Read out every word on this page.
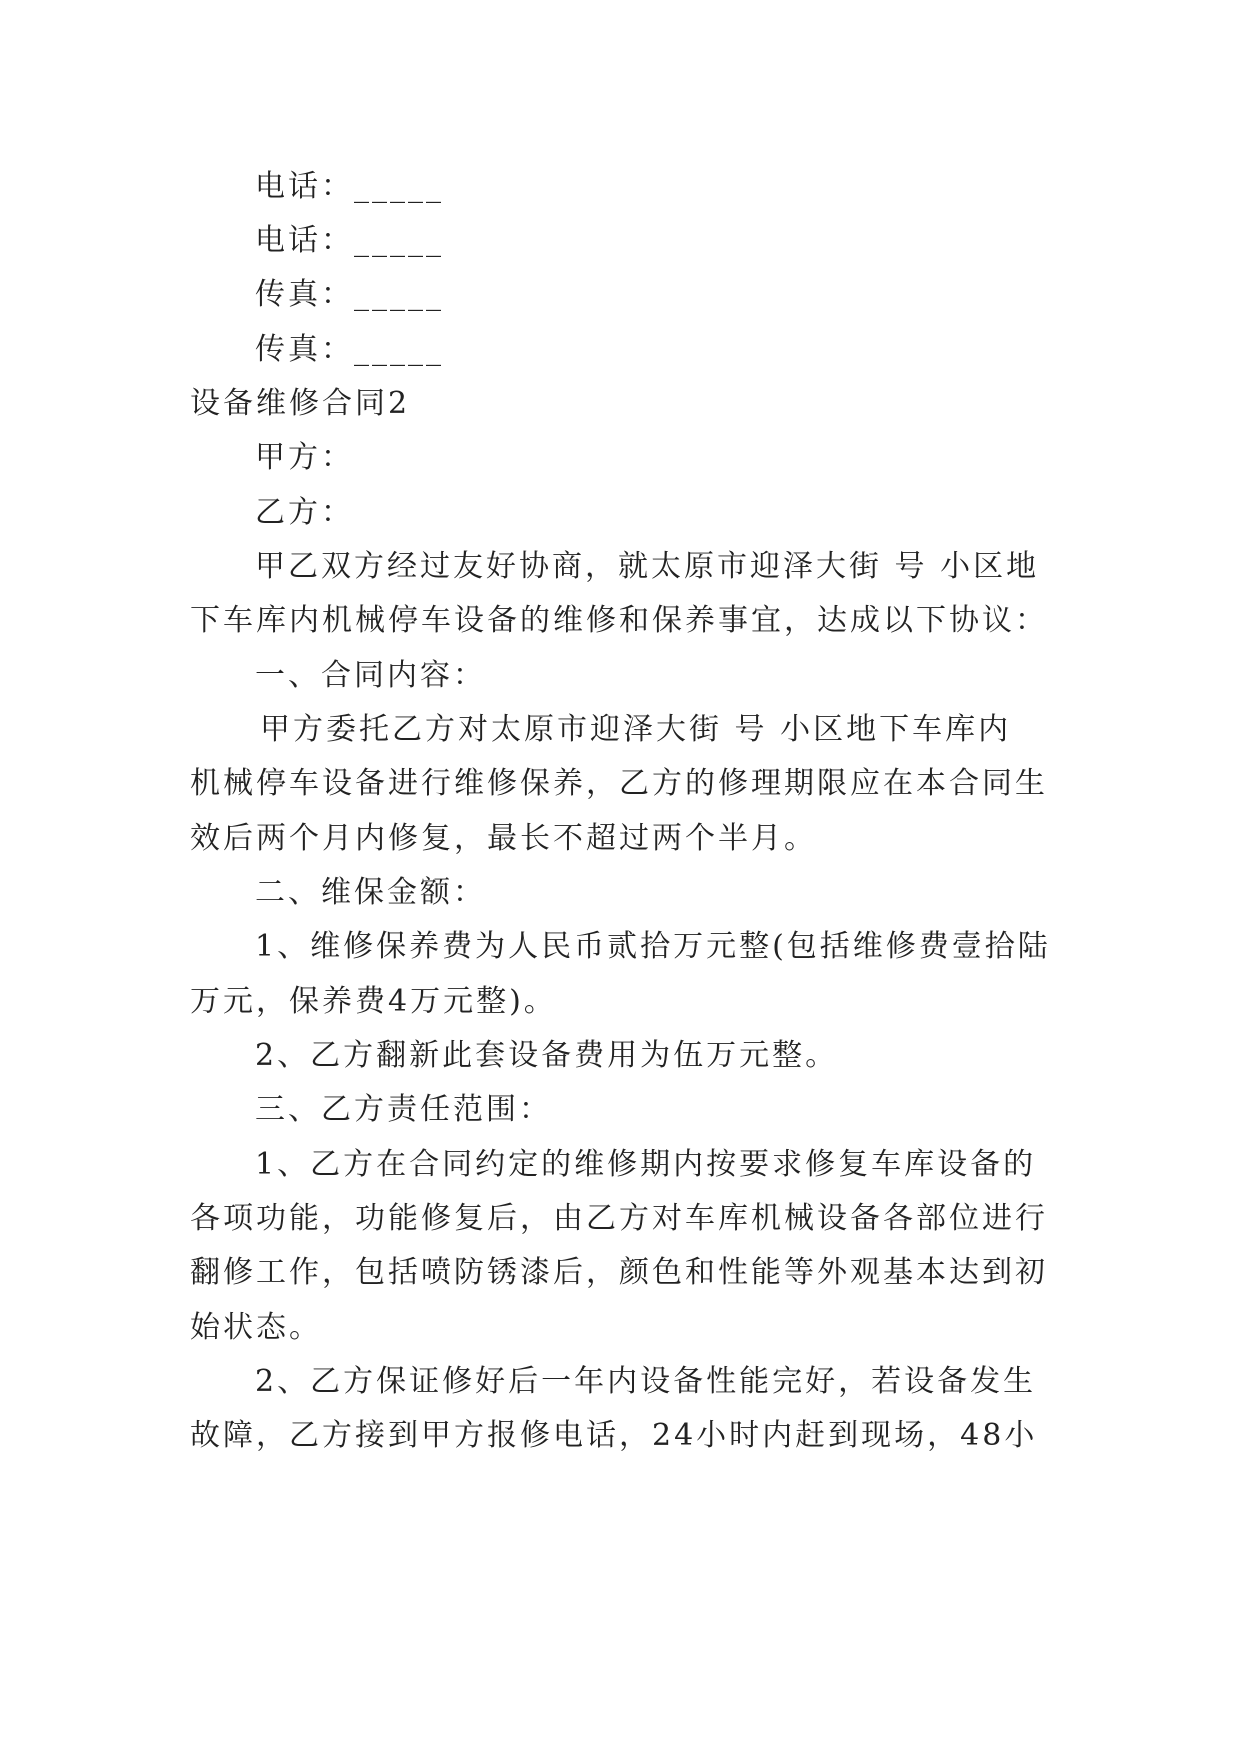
电话：_____
电话：_____
传真：_____
传真：_____
设备维修合同2
甲方：
乙方：
甲乙双方经过友好协商，就太原市迎泽大街 号 小区地
下车库内机械停车设备的维修和保养事宜，达成以下协议：
一、合同内容：
甲方委托乙方对太原市迎泽大街 号 小区地下车库内
机械停车设备进行维修保养，乙方的修理期限应在本合同生
效后两个月内修复，最长不超过两个半月。
二、维保金额：
1、维修保养费为人民币贰拾万元整(包括维修费壹拾陆
万元，保养费4万元整)。
2、乙方翻新此套设备费用为伍万元整。
三、乙方责任范围：
1、乙方在合同约定的维修期内按要求修复车库设备的
各项功能，功能修复后，由乙方对车库机械设备各部位进行
翻修工作，包括喷防锈漆后，颜色和性能等外观基本达到初
始状态。
2、乙方保证修好后一年内设备性能完好，若设备发生
故障，乙方接到甲方报修电话，24小时内赶到现场，48小
